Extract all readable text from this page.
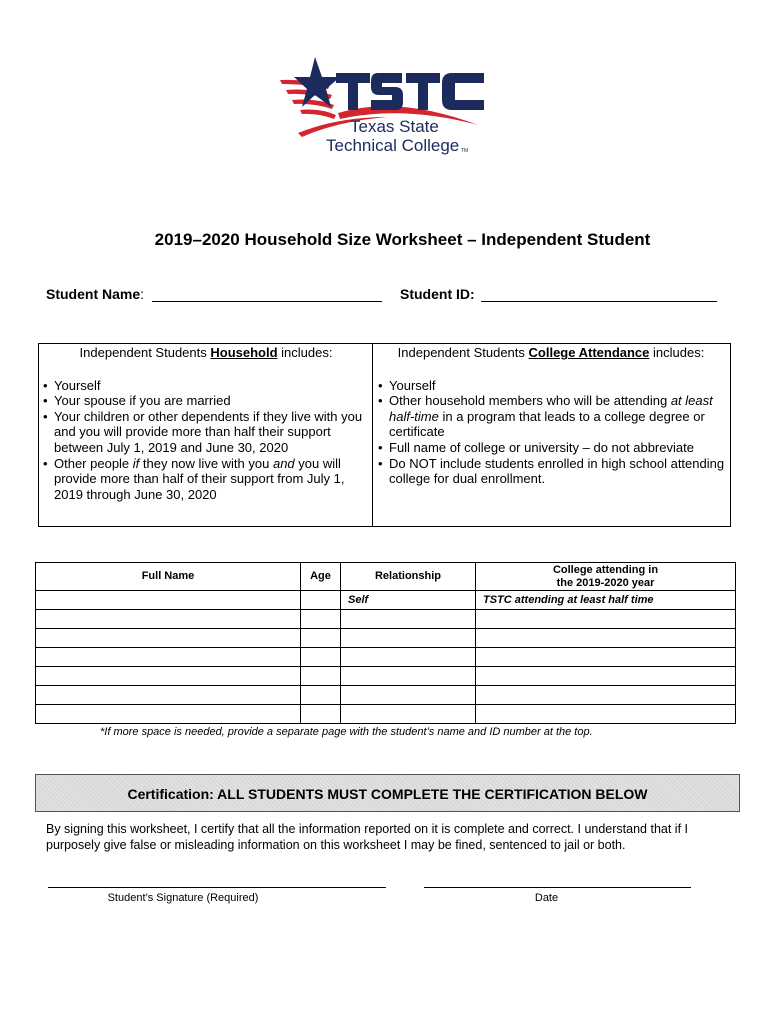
Texas State
Technical College TM
2019–2020 Household Size Worksheet – Independent Student
Student Name:	Student ID:
Independent Students Household includes:
• Yourself
• Your spouse if you are married
• Your children or other dependents if they live with you and you will provide more than half their support between July 1, 2019 and June 30, 2020
• Other people if they now live with you and you will provide more than half of their support from July 1, 2019 through June 30, 2020
Independent Students College Attendance includes:
• Yourself
• Other household members who will be attending at least half-time in a program that leads to a college degree or certificate
• Full name of college or university – do not abbreviate
• Do NOT include students enrolled in high school attending college for dual enrollment.
Full Name	Age	Relationship	College attending in
the 2019-2020 year

		Self	TSTC attending at least half time

*If more space is needed, provide a separate page with the student’s name and ID number at the top.
Certification: ALL STUDENTS MUST COMPLETE THE CERTIFICATION BELOW
By signing this worksheet, I certify that all the information reported on it is complete and correct. I understand that if I purposely give false or misleading information on this worksheet I may be fined, sentenced to jail or both.
Student’s Signature (Required)	Date
